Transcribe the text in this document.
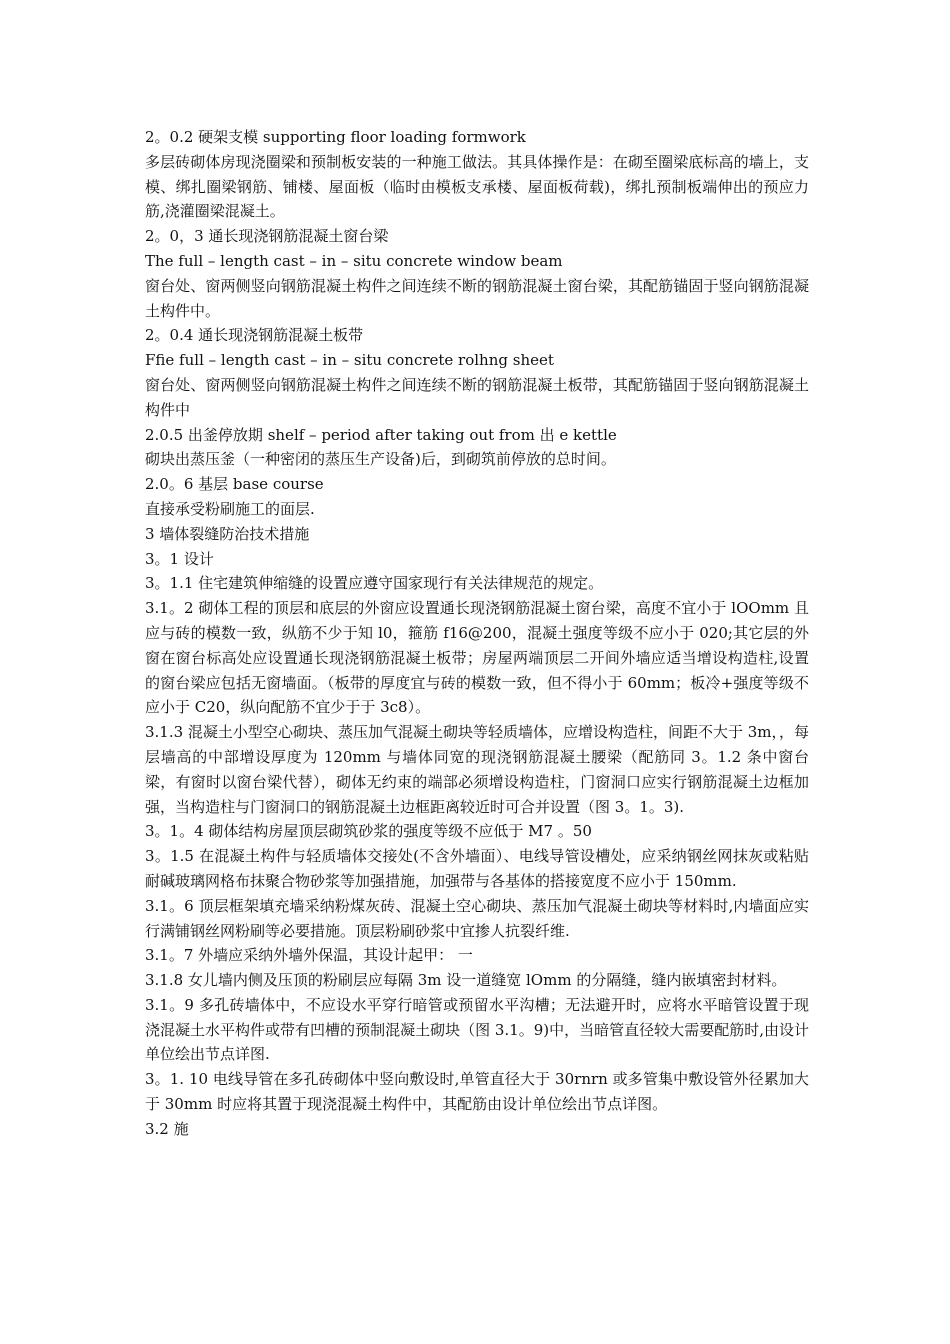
2。0.2 硬架支模 supporting floor loading formwork

多层砖砌体房现浇圈梁和预制板安装的一种施工做法。其具体操作是：在砌至圈梁底标高的墙上，支模、绑扎圈梁钢筋、铺楼、屋面板（临时由模板支承楼、屋面板荷载)，绑扎预制板端伸出的预应力筋,浇灌圈梁混凝土。

2。0，3 通长现浇钢筋混凝土窗台梁

The full – length cast – in – situ concrete window beam

窗台处、窗两侧竖向钢筋混凝土构件之间连续不断的钢筋混凝土窗台梁，其配筋锚固于竖向钢筋混凝土构件中。

2。0.4 通长现浇钢筋混凝土板带

Ffie full – length cast – in – situ concrete rolhng sheet

窗台处、窗两侧竖向钢筋混凝土构件之间连续不断的钢筋混凝土板带，其配筋锚固于竖向钢筋混凝土构件中

2.0.5 出釜停放期 shelf – period after taking out from 出 e kettle

砌块出蒸压釜（一种密闭的蒸压生产设备)后，到砌筑前停放的总时间。

2.0。6 基层 base course

直接承受粉刷施工的面层.

3 墙体裂缝防治技术措施

3。1 设计

3。1.1 住宅建筑伸缩缝的设置应遵守国家现行有关法律规范的规定。

3.1。2 砌体工程的顶层和底层的外窗应设置通长现浇钢筋混凝土窗台梁，高度不宜小于 lOOmm 且应与砖的模数一致，纵筋不少于知 l0，箍筋 f16@200，混凝土强度等级不应小于 020;其它层的外窗在窗台标高处应设置通长现浇钢筋混凝土板带；房屋两端顶层二开间外墙应适当增设构造柱,设置的窗台梁应包括无窗墙面。（板带的厚度宜与砖的模数一致，但不得小于 60mm；板冷+强度等级不应小于 C20，纵向配筋不宜少于于 3c8）。

3.1.3 混凝土小型空心砌块、蒸压加气混凝土砌块等轻质墙体，应增设构造柱，间距不大于 3m，，每层墙高的中部增设厚度为 120mm 与墙体同宽的现浇钢筋混凝土腰梁（配筋同 3。1.2 条中窗台梁，有窗时以窗台梁代替），砌体无约束的端部必须增设构造柱，门窗洞口应实行钢筋混凝土边框加强，当构造柱与门窗洞口的钢筋混凝土边框距离较近时可合并设置（图 3。1。3).

3。1。4 砌体结构房屋顶层砌筑砂浆的强度等级不应低于 M7 。50

3。1.5 在混凝土构件与轻质墙体交接处(不含外墙面）、电线导管设槽处，应采纳钢丝网抹灰或粘贴耐碱玻璃网格布抹聚合物砂浆等加强措施，加强带与各基体的搭接宽度不应小于 150mm.

3.1。6 顶层框架填充墙采纳粉煤灰砖、混凝土空心砌块、蒸压加气混凝土砌块等材料时,内墙面应实行满铺钢丝网粉刷等必要措施。顶层粉刷砂浆中宜掺人抗裂纤维.

3.1。7 外墙应采纳外墙外保温，其设计起甲： 一

3.1.8 女儿墙内侧及压顶的粉刷层应每隔 3m 设一道缝宽 lOmm 的分隔缝，缝内嵌填密封材料。

3.1。9 多孔砖墙体中，不应设水平穿行暗管或预留水平沟槽；无法避开时，应将水平暗管设置于现浇混凝土水平构件或带有凹槽的预制混凝土砌块（图 3.1。9)中，当暗管直径较大需要配筋时,由设计单位绘出节点详图.

3。1. 10 电线导管在多孔砖砌体中竖向敷设时,单管直径大于 30rnrn 或多管集中敷设管外径累加大于 30mm 时应将其置于现浇混凝土构件中，其配筋由设计单位绘出节点详图。

3.2 施
